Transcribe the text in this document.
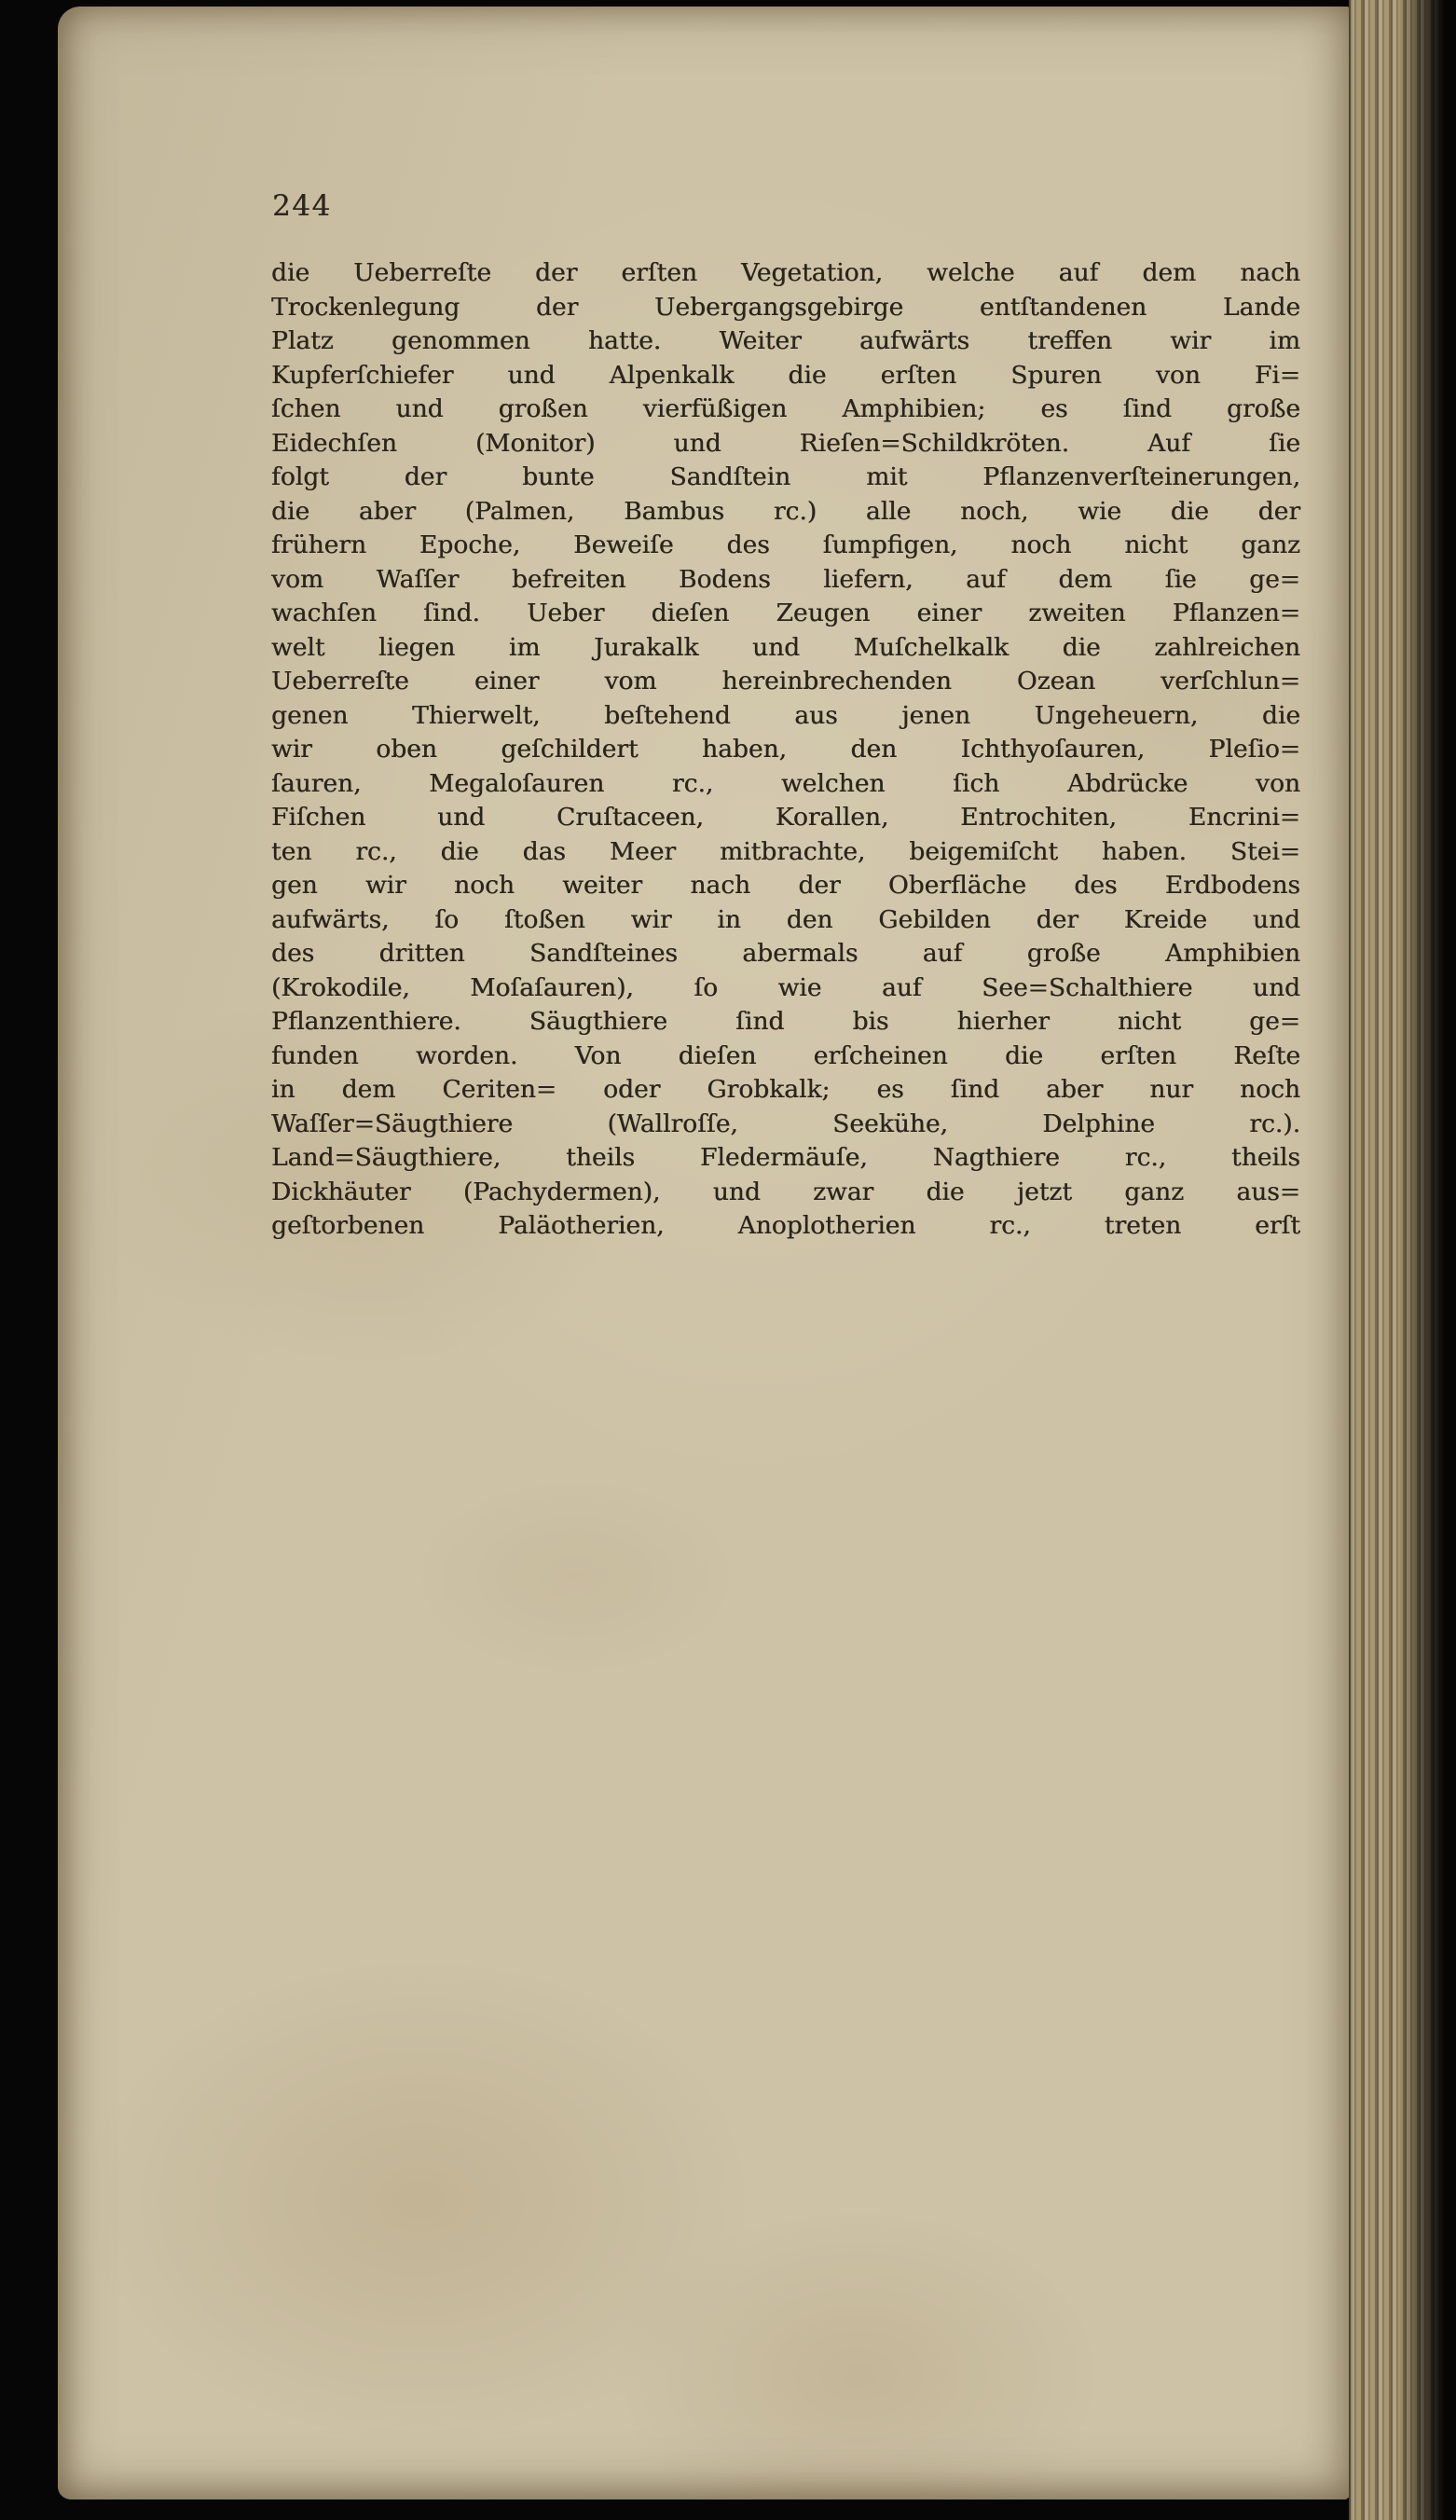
244
die Ueberreſte der erſten Vegetation, welche auf dem nach
Trockenlegung der Uebergangsgebirge entſtandenen Lande
Platz genommen hatte. Weiter aufwärts treffen wir im
Kupferſchiefer und Alpenkalk die erſten Spuren von Fi=
ſchen und großen vierfüßigen Amphibien; es ſind große
Eidechſen (Monitor) und Rieſen=Schildkröten. Auf ſie
folgt der bunte Sandſtein mit Pflanzenverſteinerungen,
die aber (Palmen, Bambus rc.) alle noch, wie die der
frühern Epoche, Beweiſe des ſumpfigen, noch nicht ganz
vom Waſſer befreiten Bodens liefern, auf dem ſie ge=
wachſen ſind. Ueber dieſen Zeugen einer zweiten Pflanzen=
welt liegen im Jurakalk und Muſchelkalk die zahlreichen
Ueberreſte einer vom hereinbrechenden Ozean verſchlun=
genen Thierwelt, beſtehend aus jenen Ungeheuern, die
wir oben geſchildert haben, den Ichthyoſauren, Pleſio=
ſauren, Megaloſauren rc., welchen ſich Abdrücke von
Fiſchen und Cruſtaceen, Korallen, Entrochiten, Encrini=
ten rc., die das Meer mitbrachte, beigemiſcht haben. Stei=
gen wir noch weiter nach der Oberfläche des Erdbodens
aufwärts, ſo ſtoßen wir in den Gebilden der Kreide und
des dritten Sandſteines abermals auf große Amphibien
(Krokodile, Moſaſauren), ſo wie auf See=Schalthiere und
Pflanzenthiere. Säugthiere ſind bis hierher nicht ge=
funden worden. Von dieſen erſcheinen die erſten Reſte
in dem Ceriten= oder Grobkalk; es ſind aber nur noch
Waſſer=Säugthiere (Wallroſſe, Seekühe, Delphine rc.).
Land=Säugthiere, theils Fledermäuſe, Nagthiere rc., theils
Dickhäuter (Pachydermen), und zwar die jetzt ganz aus=
geſtorbenen Paläotherien, Anoplotherien rc., treten erſt
